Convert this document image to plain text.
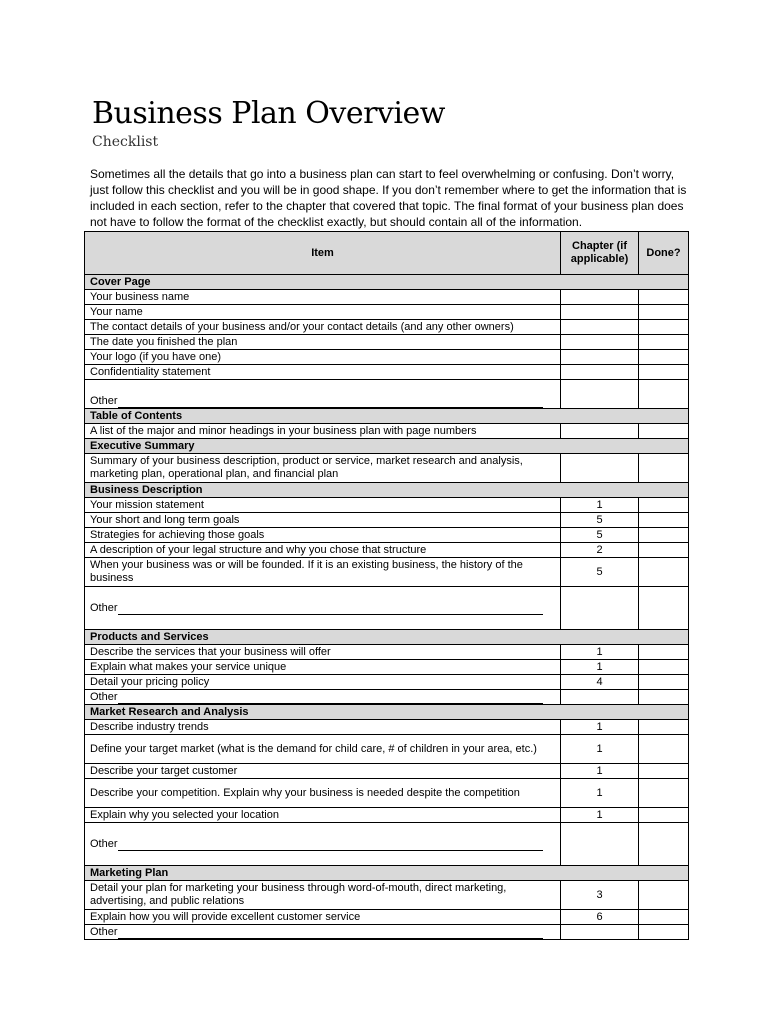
Business Plan Overview
Checklist
Sometimes all the details that go into a business plan can start to feel overwhelming or confusing. Don’t worry, just follow this checklist and you will be in good shape. If you don’t remember where to get the information that is included in each section, refer to the chapter that covered that topic. The final format of your business plan does not have to follow the format of the checklist exactly, but should contain all of the information.
Item	Chapter (if applicable)	Done?
Cover Page		
Your business name		
Your name		
The contact details of your business and/or your contact details (and any other owners)		
The date you finished the plan		
Your logo (if you have one)		
Confidentiality statement		
Other		
Table of Contents		
A list of the major and minor headings in your business plan with page numbers		
Executive Summary		
Summary of your business description, product or service, market research and analysis, marketing plan, operational plan, and financial plan		
Business Description		
Your mission statement	1	
Your short and long term goals	5	
Strategies for achieving those goals	5	
A description of your legal structure and why you chose that structure	2	
When your business was or will be founded. If it is an existing business, the history of the business	5	
Other		
Products and Services		
Describe the services that your business will offer	1	
Explain what makes your service unique	1	
Detail your pricing policy	4	
Other		
Market Research and Analysis		
Describe industry trends	1	
Define your target market (what is the demand for child care, # of children in your area, etc.)	1	
Describe your target customer	1	
Describe your competition. Explain why your business is needed despite the competition	1	
Explain why you selected your location	1	
Other		
Marketing Plan		
Detail your plan for marketing your business through word-of-mouth, direct marketing, advertising, and public relations	3	
Explain how you will provide excellent customer service	6	
Other		
